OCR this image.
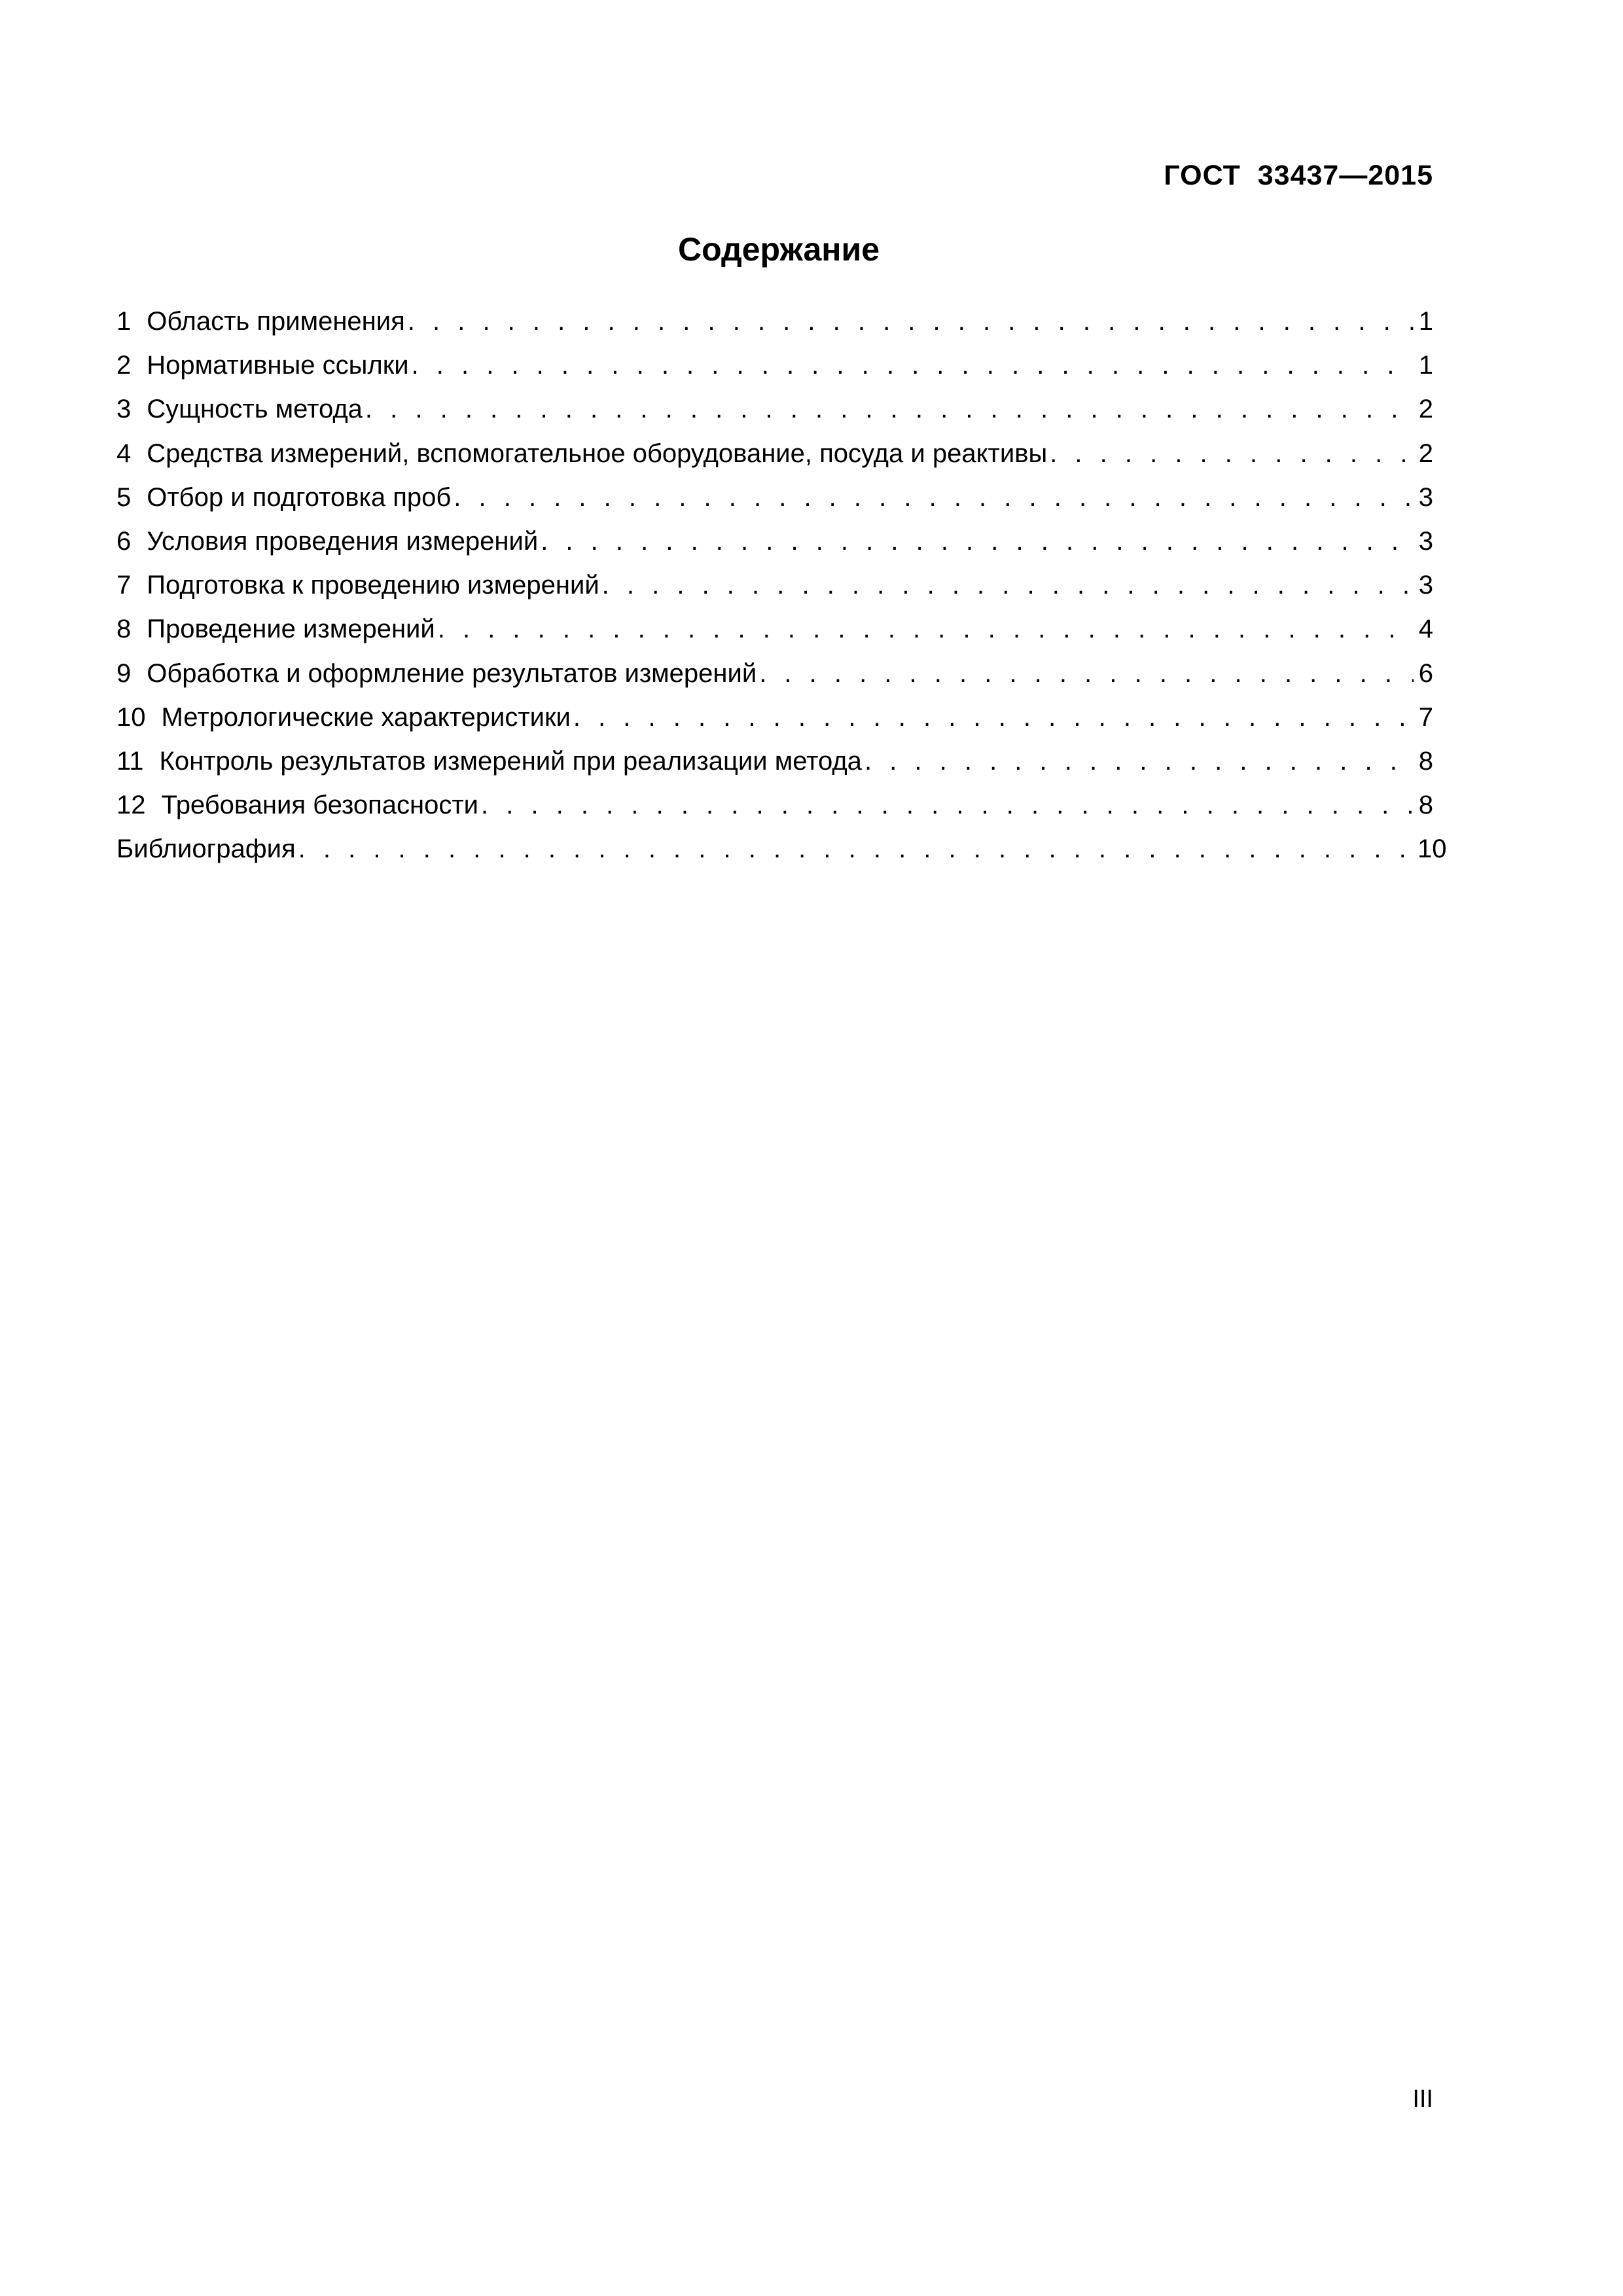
ГОСТ  33437—2015
Содержание
1 Область применения . . .	1
2 Нормативные ссылки . . .	1
3 Сущность метода . . .	2
4 Средства измерений, вспомогательное оборудование, посуда и реактивы . . .	2
5 Отбор и подготовка проб . . .	3
6 Условия проведения измерений . . .	3
7 Подготовка к проведению измерений . . .	3
8 Проведение измерений . . .	4
9 Обработка и оформление результатов измерений . . .	6
10 Метрологические характеристики . . .	7
11 Контроль результатов измерений при реализации метода . . .	8
12 Требования безопасности . . .	8
Библиография . . .	10
III
